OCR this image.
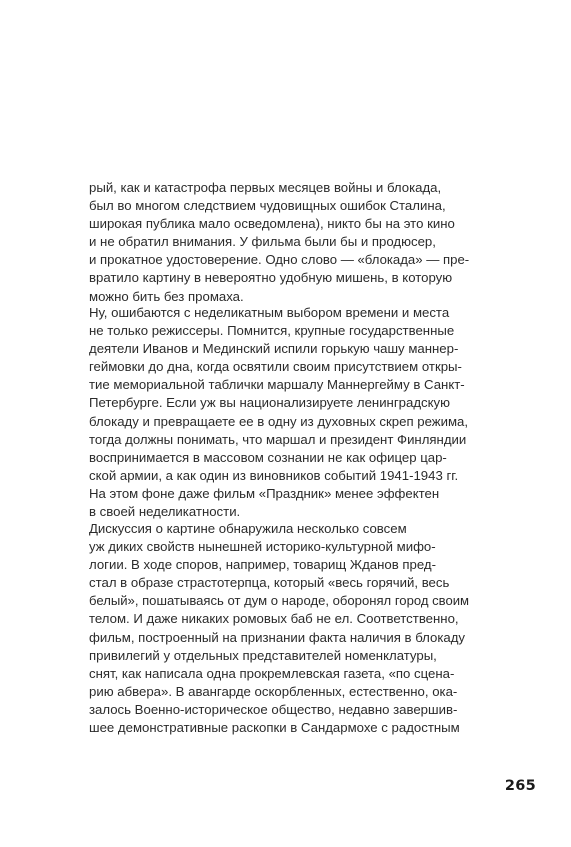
рый, как и катастрофа первых месяцев войны и блокада,
был во многом следствием чудовищных ошибок Сталина,
широкая публика мало осведомлена), никто бы на это кино
и не обратил внимания. У фильма были бы и продюсер,
и прокатное удостоверение. Одно слово — «блокада» — пре-
вратило картину в невероятно удобную мишень, в которую
можно бить без промаха.
Ну, ошибаются с неделикатным выбором времени и места
не только режиссеры. Помнится, крупные государственные
деятели Иванов и Мединский испили горькую чашу маннер-
геймовки до дна, когда освятили своим присутствием откры-
тие мемориальной таблички маршалу Маннергейму в Санкт-
Петербурге. Если уж вы национализируете ленинградскую
блокаду и превращаете ее в одну из духовных скреп режима,
тогда должны понимать, что маршал и президент Финляндии
воспринимается в массовом сознании не как офицер цар-
ской армии, а как один из виновников событий 1941-1943 гг.
На этом фоне даже фильм «Праздник» менее эффектен
в своей неделикатности.
Дискуссия о картине обнаружила несколько совсем
уж диких свойств нынешней историко-культурной мифо-
логии. В ходе споров, например, товарищ Жданов пред-
стал в образе страстотерпца, который «весь горячий, весь
белый», пошатываясь от дум о народе, оборонял город своим
телом. И даже никаких ромовых баб не ел. Соответственно,
фильм, построенный на признании факта наличия в блокаду
привилегий у отдельных представителей номенклатуры,
снят, как написала одна прокремлевская газета, «по сцена-
рию абвера». В авангарде оскорбленных, естественно, ока-
залось Военно-историческое общество, недавно завершив-
шее демонстративные раскопки в Сандармохе с радостным
265
